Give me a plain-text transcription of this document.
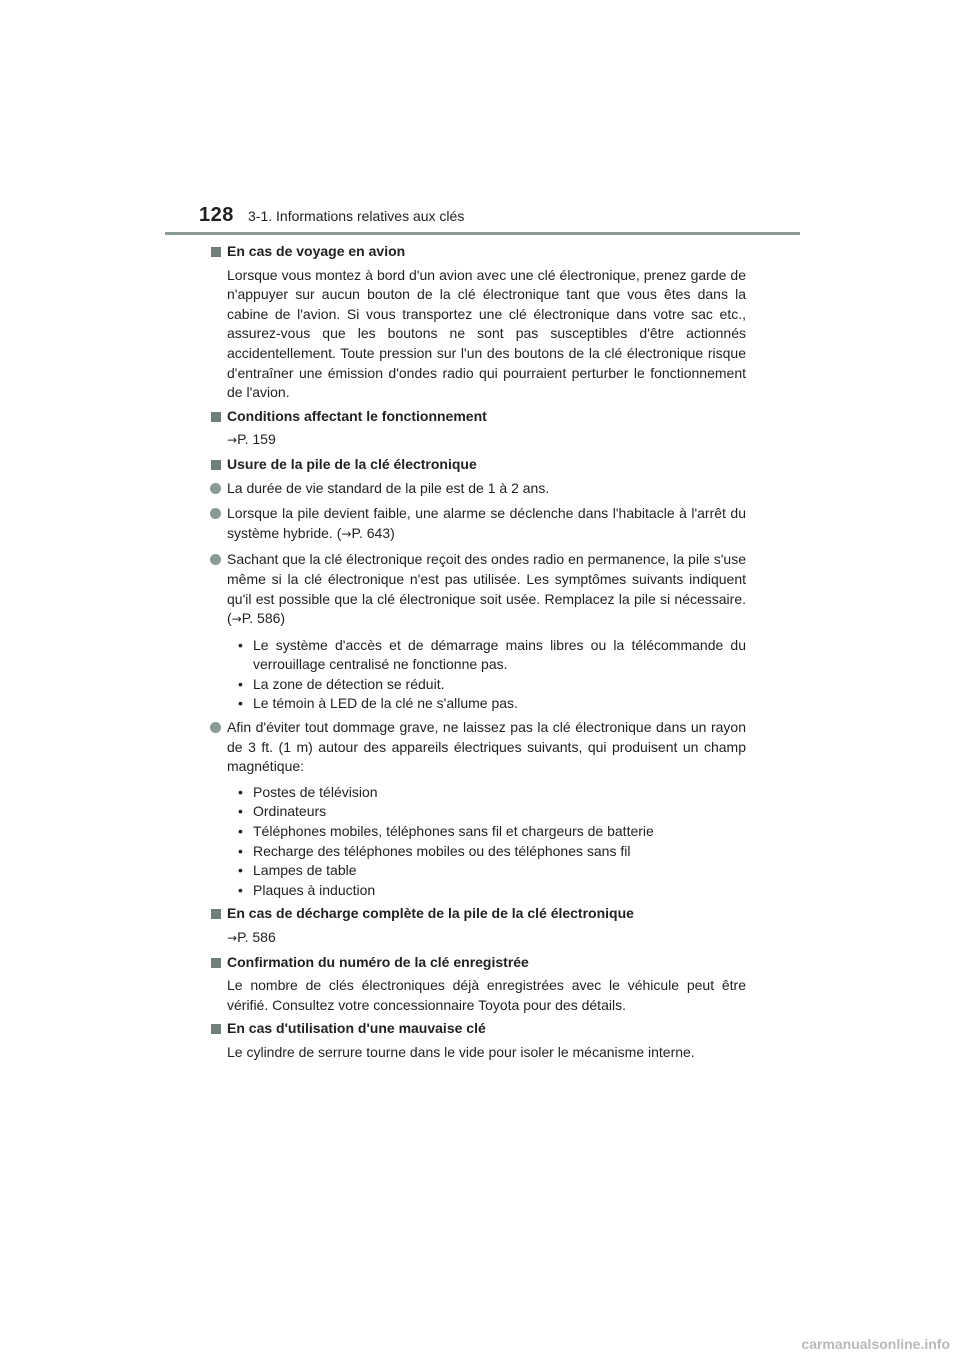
128 3-1. Informations relatives aux clés
En cas de voyage en avion
Lorsque vous montez à bord d'un avion avec une clé électronique, prenez garde de n'appuyer sur aucun bouton de la clé électronique tant que vous êtes dans la cabine de l'avion. Si vous transportez une clé électronique dans votre sac etc., assurez-vous que les boutons ne sont pas susceptibles d'être actionnés accidentellement. Toute pression sur l'un des boutons de la clé électronique risque d'entraîner une émission d'ondes radio qui pourraient perturber le fonctionnement de l'avion.
Conditions affectant le fonctionnement
→P. 159
Usure de la pile de la clé électronique
La durée de vie standard de la pile est de 1 à 2 ans.
Lorsque la pile devient faible, une alarme se déclenche dans l'habitacle à l'arrêt du système hybride. (→P. 643)
Sachant que la clé électronique reçoit des ondes radio en permanence, la pile s'use même si la clé électronique n'est pas utilisée. Les symptômes suivants indiquent qu'il est possible que la clé électronique soit usée. Remplacez la pile si nécessaire. (→P. 586)
• Le système d'accès et de démarrage mains libres ou la télécommande du verrouillage centralisé ne fonctionne pas.
• La zone de détection se réduit.
• Le témoin à LED de la clé ne s'allume pas.
Afin d'éviter tout dommage grave, ne laissez pas la clé électronique dans un rayon de 3 ft. (1 m) autour des appareils électriques suivants, qui produisent un champ magnétique:
• Postes de télévision
• Ordinateurs
• Téléphones mobiles, téléphones sans fil et chargeurs de batterie
• Recharge des téléphones mobiles ou des téléphones sans fil
• Lampes de table
• Plaques à induction
En cas de décharge complète de la pile de la clé électronique
→P. 586
Confirmation du numéro de la clé enregistrée
Le nombre de clés électroniques déjà enregistrées avec le véhicule peut être vérifié. Consultez votre concessionnaire Toyota pour des détails.
En cas d'utilisation d'une mauvaise clé
Le cylindre de serrure tourne dans le vide pour isoler le mécanisme interne.
carmanualsonline.info
